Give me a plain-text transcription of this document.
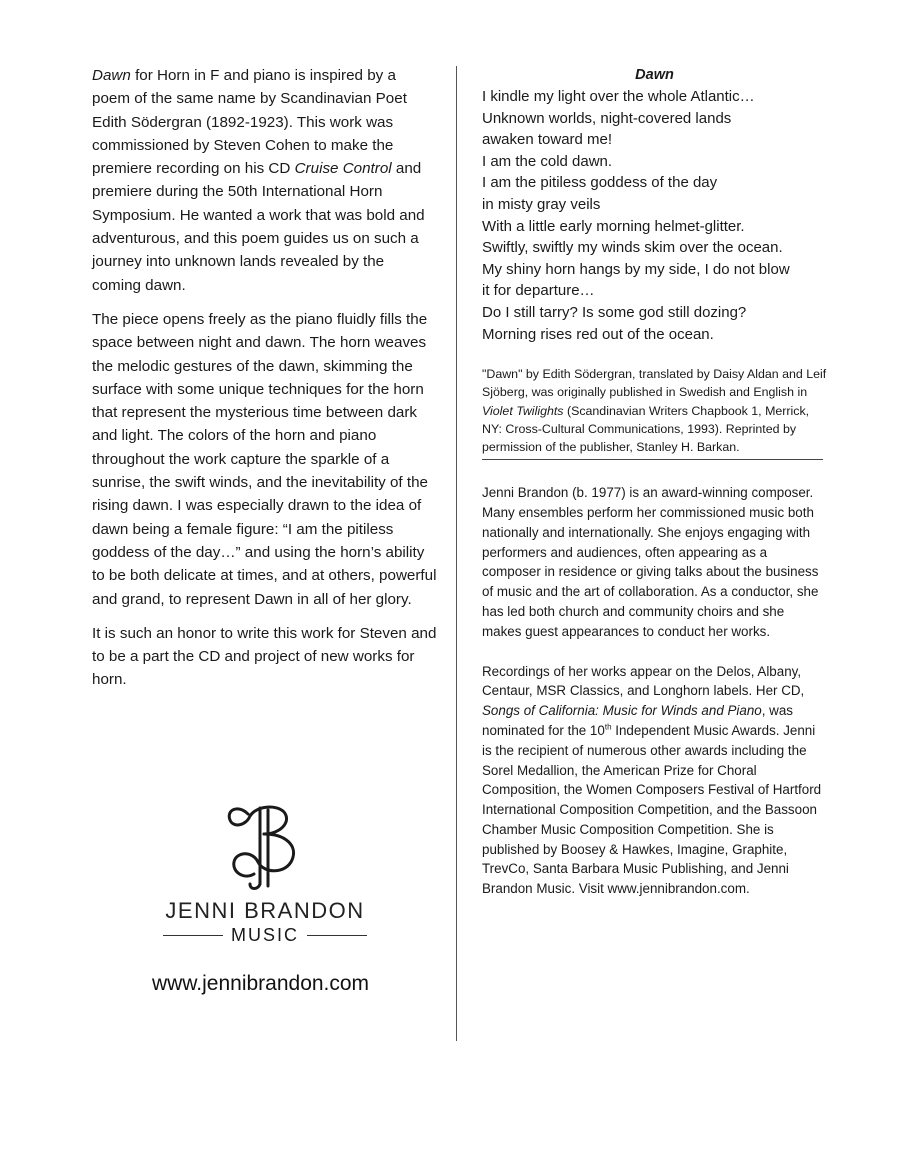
Dawn for Horn in F and piano is inspired by a poem of the same name by Scandinavian Poet Edith Södergran (1892-1923). This work was commissioned by Steven Cohen to make the premiere recording on his CD Cruise Control and premiere during the 50th International Horn Symposium. He wanted a work that was bold and adventurous, and this poem guides us on such a journey into unknown lands revealed by the coming dawn.

The piece opens freely as the piano fluidly fills the space between night and dawn. The horn weaves the melodic gestures of the dawn, skimming the surface with some unique techniques for the horn that represent the mysterious time between dark and light. The colors of the horn and piano throughout the work capture the sparkle of a sunrise, the swift winds, and the inevitability of the rising dawn. I was especially drawn to the idea of dawn being a female figure: “I am the pitiless goddess of the day…” and using the horn’s ability to be both delicate at times, and at others, powerful and grand, to represent Dawn in all of her glory.

It is such an honor to write this work for Steven and to be a part the CD and project of new works for horn.

Dawn
I kindle my light over the whole Atlantic…
Unknown worlds, night-covered lands
awaken toward me!
I am the cold dawn.
I am the pitiless goddess of the day
in misty gray veils
With a little early morning helmet-glitter.
Swiftly, swiftly my winds skim over the ocean.
My shiny horn hangs by my side, I do not blow
it for departure…
Do I still tarry? Is some god still dozing?
Morning rises red out of the ocean.
"Dawn" by Edith Södergran, translated by Daisy Aldan and Leif Sjöberg, was originally published in Swedish and English in Violet Twilights (Scandinavian Writers Chapbook 1, Merrick, NY: Cross-Cultural Communications, 1993). Reprinted by permission of the publisher, Stanley H. Barkan.

Jenni Brandon (b. 1977) is an award-winning composer. Many ensembles perform her commissioned music both nationally and internationally. She enjoys engaging with performers and audiences, often appearing as a composer in residence or giving talks about the business of music and the art of collaboration. As a conductor, she has led both church and community choirs and she makes guest appearances to conduct her works.

Recordings of her works appear on the Delos, Albany, Centaur, MSR Classics, and Longhorn labels. Her CD, Songs of California: Music for Winds and Piano, was nominated for the 10th Independent Music Awards. Jenni is the recipient of numerous other awards including the Sorel Medallion, the American Prize for Choral Composition, the Women Composers Festival of Hartford International Composition Competition, and the Bassoon Chamber Music Composition Competition. She is published by Boosey & Hawkes, Imagine, Graphite, TrevCo, Santa Barbara Music Publishing, and Jenni Brandon Music. Visit www.jennibrandon.com.

JENNI BRANDON
MUSIC
www.jennibrandon.com
